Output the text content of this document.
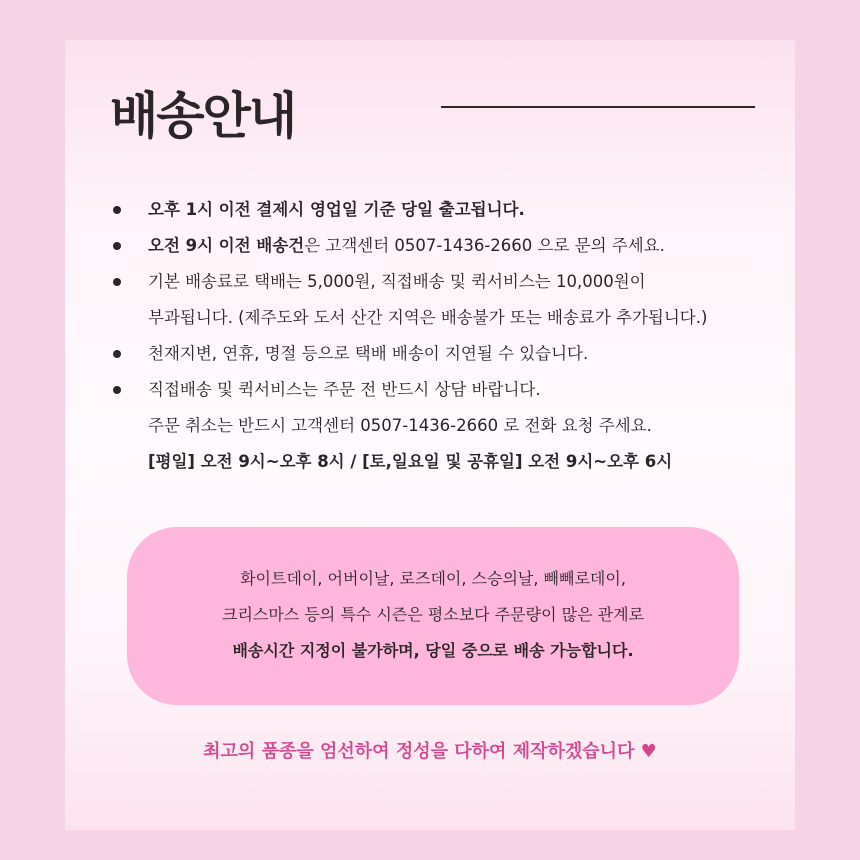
배송안내
오후 1시 이전 결제시 영업일 기준 당일 출고됩니다.
오전 9시 이전 배송건은 고객센터 0507-1436-2660 으로 문의 주세요.
기본 배송료로 택배는 5,000원, 직접배송 및 퀵서비스는 10,000원이
부과됩니다. (제주도와 도서 산간 지역은 배송불가 또는 배송료가 추가됩니다.)
천재지변, 연휴, 명절 등으로 택배 배송이 지연될 수 있습니다.
직접배송 및 퀵서비스는 주문 전 반드시 상담 바랍니다.
주문 취소는 반드시 고객센터 0507-1436-2660 로 전화 요청 주세요.
[평일] 오전 9시~오후 8시 / [토,일요일 및 공휴일] 오전 9시~오후 6시
화이트데이, 어버이날, 로즈데이, 스승의날, 빼빼로데이,
크리스마스 등의 특수 시즌은 평소보다 주문량이 많은 관계로
배송시간 지정이 불가하며, 당일 중으로 배송 가능합니다.
최고의 품종을 엄선하여 정성을 다하여 제작하겠습니다 ♥
